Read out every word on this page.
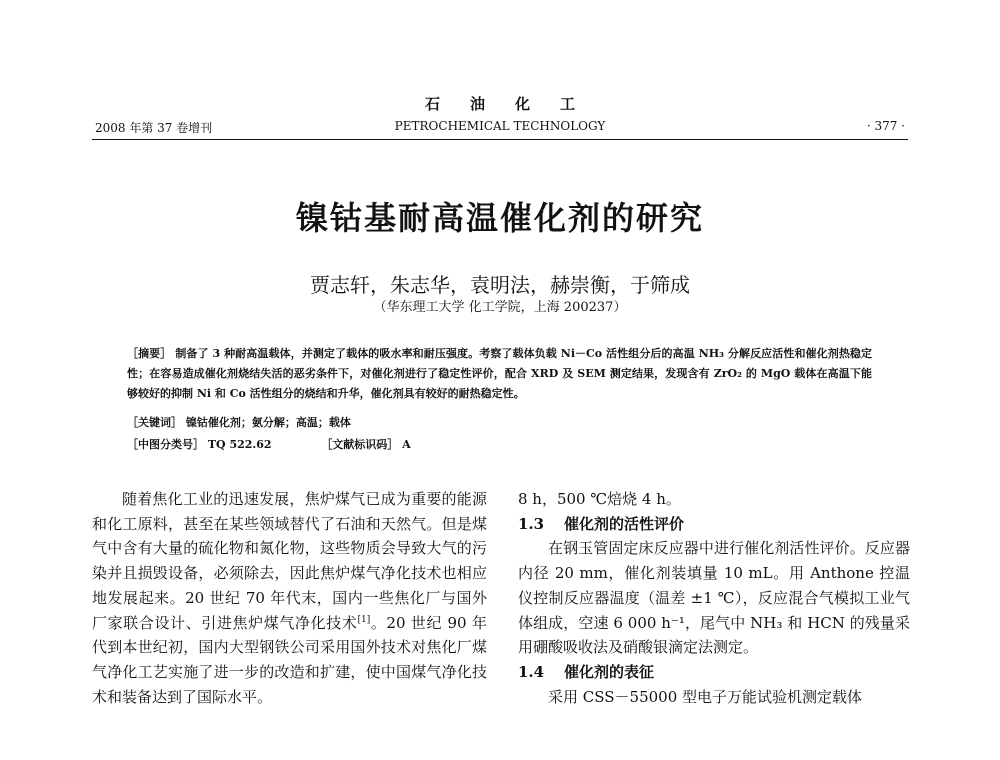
石油化工
2008 年第 37 卷增刊	PETROCHEMICAL TECHNOLOGY	· 377 ·
镍钴基耐高温催化剂的研究
贾志轩，朱志华，袁明法，赫崇衡，于筛成
（华东理工大学 化工学院，上海 200237）
［摘要］ 制备了 3 种耐高温载体，并测定了载体的吸水率和耐压强度。考察了载体负载 Ni－Co 活性组分后的高温 NH₃ 分解反应活性和催化剂热稳定性；在容易造成催化剂烧结失活的恶劣条件下，对催化剂进行了稳定性评价，配合 XRD 及 SEM 测定结果，发现含有 ZrO₂ 的 MgO 载体在高温下能够较好的抑制 Ni 和 Co 活性组分的烧结和升华，催化剂具有较好的耐热稳定性。
［关键词］ 镍钴催化剂；氨分解；高温；载体
［中图分类号］ TQ 522.62	［文献标识码］ A

随着焦化工业的迅速发展，焦炉煤气已成为重要的能源和化工原料，甚至在某些领域替代了石油和天然气。但是煤气中含有大量的硫化物和氮化物，这些物质会导致大气的污染并且损毁设备，必须除去，因此焦炉煤气净化技术也相应地发展起来。20 世纪 70 年代末，国内一些焦化厂与国外厂家联合设计、引进焦炉煤气净化技术[1]。20 世纪 90 年代到本世纪初，国内大型钢铁公司采用国外技术对焦化厂煤气净化工艺实施了进一步的改造和扩建，使中国煤气净化技术和装备达到了国际水平。

8 h，500 ℃焙烧 4 h。

1.3 催化剂的活性评价

在钢玉管固定床反应器中进行催化剂活性评价。反应器内径 20 mm，催化剂装填量 10 mL。用 Anthone 控温仪控制反应器温度（温差 ±1 ℃），反应混合气模拟工业气体组成，空速 6 000 h⁻¹，尾气中 NH₃ 和 HCN 的残量采用硼酸吸收法及硝酸银滴定法测定。

1.4 催化剂的表征

采用 CSS－55000 型电子万能试验机测定载体
